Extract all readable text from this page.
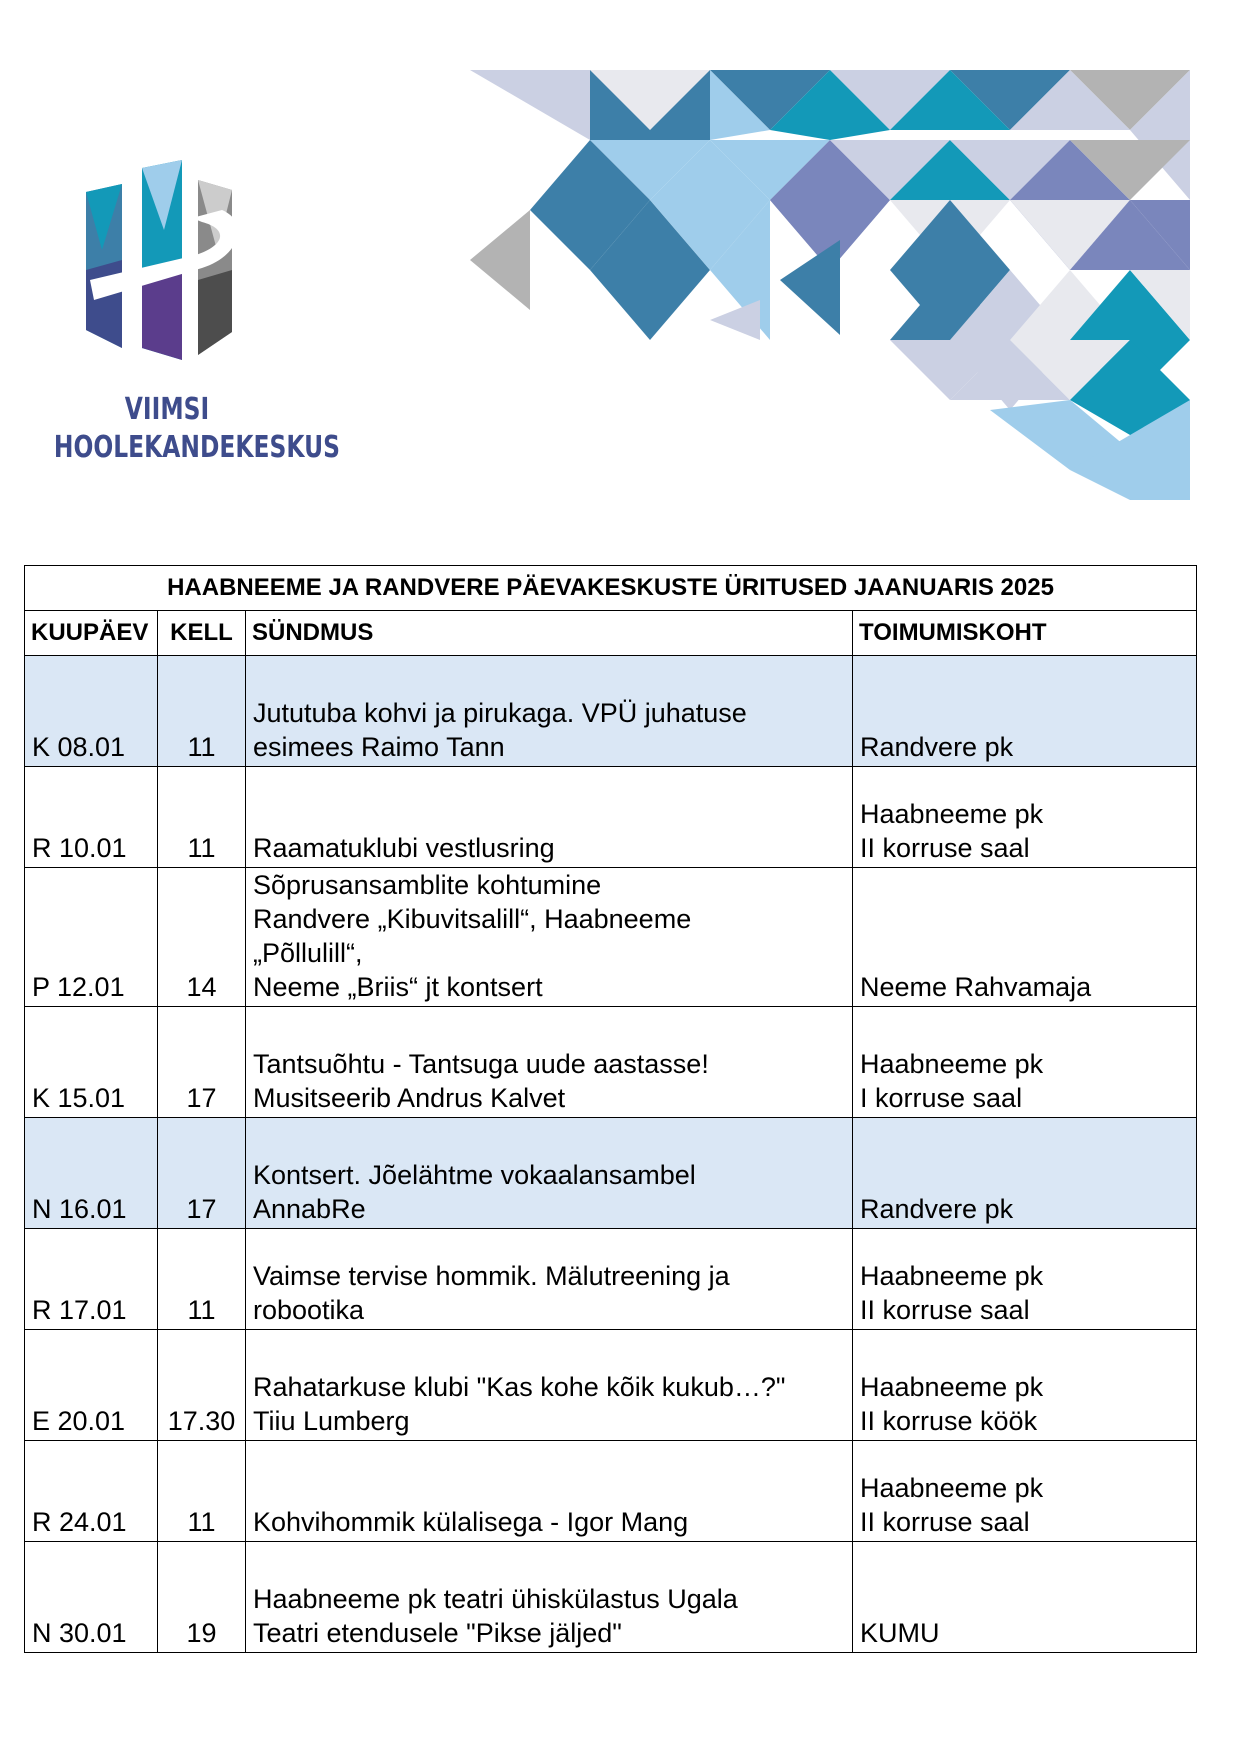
VIIMSI
HOOLEKANDEKESKUS
HAABNEEME JA RANDVERE PÄEVAKESKUSTE ÜRITUSED JAANUARIS 2025			
KUUPÄEV	KELL	SÜNDMUS	TOIMUMISKOHT
K 08.01	11	Jututuba kohvi ja pirukaga. VPÜ juhatuse
esimees Raimo Tann	Randvere pk

R 10.01	11	Raamatuklubi vestlusring	Haabneeme pk
II korruse saal

P 12.01	14	Sõprusansamblite kohtumine
Randvere „Kibuvitsalill“, Haabneeme
„Põllulill“,
Neeme „Briis“ jt kontsert	Neeme Rahvamaja

K 15.01	17	Tantsuõhtu - Tantsuga uude aastasse!
Musitseerib Andrus Kalvet	Haabneeme pk
I korruse saal

N 16.01	17	Kontsert. Jõelähtme vokaalansambel
AnnabRe	Randvere pk

R 17.01	11	Vaimse tervise hommik. Mälutreening ja
robootika	Haabneeme pk
II korruse saal

E 20.01	17.30	Rahatarkuse klubi "Kas kohe kõik kukub…?"
Tiiu Lumberg	Haabneeme pk
II korruse köök

R 24.01	11	Kohvihommik külalisega - Igor Mang	Haabneeme pk
II korruse saal

N 30.01	19	Haabneeme pk teatri ühiskülastus Ugala
Teatri etendusele "Pikse jäljed"	KUMU
